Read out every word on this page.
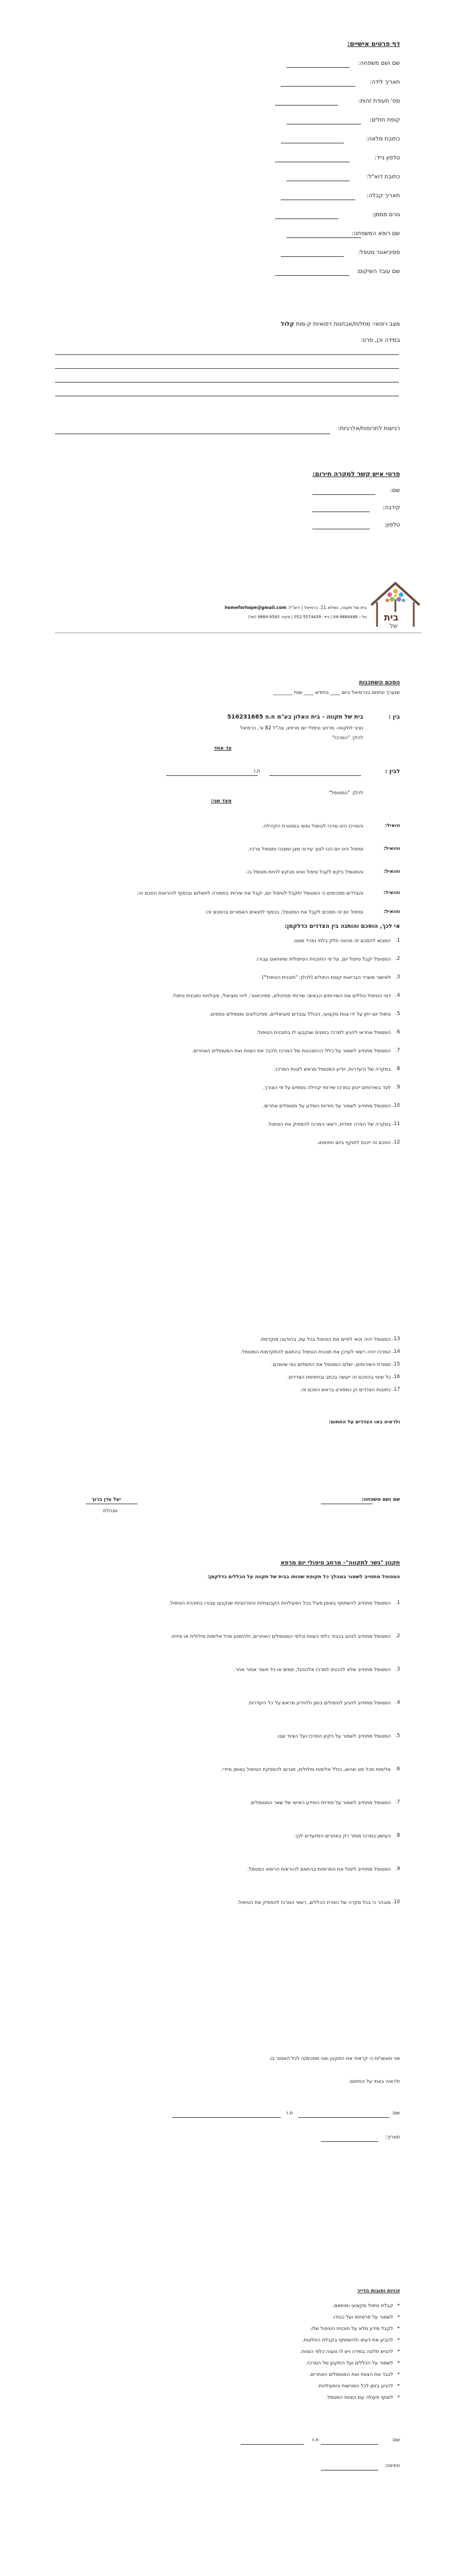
דף פרטים אישיים:
שם ושם משפחה:
תאריך לידה:
מס' תעודת זהות:
קופת חולים:
כתובת מלאה:
טלפון נייד:
כתובת דוא"ל:
תאריך קבלה:
גורם מממן:
שם רופא המשפחה:
פסיכיאטר מטפל:
שם עובד השיקום:
מצב רפואי: מחלות/אבחנות רפואיות ק-מות קלול
במידה וכן, פרט:
רגישות לתרופות/אלרגיות:
פרטי איש קשר למקרה חירום:
שם:
קירבה:
טלפון:
בית של תקווה, נופלא 11, כרמיאל | דוא"ל: homeforhope@gmail.com
טל׳: 04-9884488 | נייד: 052-5574439 | פקס: 9884-9583 (של) בית
של
הסכם השתכנות
שנערך ונחתם בכרמיאל ביום ____ בחודש ____ שנת ________
בין :
בית של תקווה - בית האלון בע"מ ח.פ 516231685
נציגי לתקווה- מרחב טיפולי יום מרפא, צה"ל 82 א', כרמיאל
להלן: "המרכז"
צד אחד
לבין :
ת.ז
להלן: "המטופל"
מצד שני:
הואיל:
והמרכז הינו מרכז לטיפול נפשי במסגרת הקהילה.
והואיל:
וטיפול הינו יום הכו לצוך עירוני מצן זמצנה ומטופל צרכיו.
והואיל:
והמטופל ביקש לקבל טיפול ואינו מבקש להיות מטופל בו.
והואיל:
והצדדים מסכימים כי המטופל יתקבל לטיפול יום, יקבל את שירותי בתמורה לתשלום ובכפוף להוראות הסכם זה.
והואיל:
וטיפול יום זה מסכים לקבל את המטופל, בכפוף לתנאים האמורים בהסכם זה:
אי לכך, הוסכם והותנה בין הצדדים כדלקמן:
1.
המבוא להסכם זה מהווה חלק בלתי נפרד ממנו.
2.
המטופל יקבל טיפול יום, על פי התוכנית הטיפולית שתותאם עבורו.
3.
לאישור משרד הבריאות קופת החולים (להלן: "תוכנית הטיפול").
4.
דמי הטיפול כוללים את השירותים הבאים: שירותי פסיכולוג, פסיכיאטר, ליווי סוציאלי, פעילויות ותוכנית טיפול.
5.
טיפול יום ייתן על ידי צוות מקצועי, הכולל עובדים סוציאליים, פסיכולוגים ומטפלים נוספים.
6.
המטופל אחראי להגיע למרכז בזמנים שנקבעו לו בתוכנית הטיפול.
7.
המטופל מתחייב לשמור על כללי ההתנהגות של המרכז ולכבד את הצוות ואת המטופלים האחרים.
8.
במקרה של היעדרות, יודיע המטופל מראש לצוות המרכז.
9.
לצד בשירותים יינתן במרכז שירותי קהילה נוספים על פי הצורך.
10.
המטופל מתחייב לשמור על סודיות המידע על מטופלים אחרים.
11.
במקרה של הפרה יסודית, רשאי המרכז להפסיק את הטיפול.
12.
הסכם זה ייכנס לתוקף ביום חתימתו.
13.
המטופל יהיה זכאי לסיים את הטיפול בכל עת, בהודעה מוקדמת.
14.
המרכז יהיה רשאי לעדכן את תוכנית הטיפול בהתאם להתקדמות המטופל.
15.
תמורת השירותים, ישלם המטופל את התשלום כפי שיוסכם.
16.
כל שינוי בהסכם זה ייעשה בכתב ובחתימת הצדדים.
17.
כתובות הצדדים הן כמפורט בראש הסכם זה.
ולראיה באו הצדדים על החתום:
שם ושם משפחה:
יעל עדן ברוך
מנהלת
תקנון "גשר לתקווה"- מרחב טיפולי יום מרפא
המטופל מתחייב לשמור במהלך כל תקופת שהותו בבית של תקווה על הכללים כדלקמן:
1.
המטופל מתחייב להשתתף באופן פעיל בכל הפעילויות הקבוצתיות והפרטניות שנקבעו עבורו בתוכנית הטיפול.
2.
המטופל מתחייב לנהוג בכבוד כלפי הצוות וכלפי המטופלים האחרים, ולהימנע מכל אלימות מילולית או פיזית.
3.
המטופל מתחייב שלא להכניס למרכז אלכוהול, סמים או כל חומר אסור אחר.
4.
המטופל מתחייב להגיע לטיפולים בזמן ולהודיע מראש על כל היעדרות.
5.
המטופל מתחייב לשמור על ניקיון המרכז ועל הציוד שבו.
6.
אלימות מכל סוג שהוא, כולל אלימות מילולית, תגרום להפסקת הטיפול באופן מיידי.
7.
המטופל מתחייב לשמור על סודיות המידע האישי של שאר המטופלים.
8.
העישון במרכז מותר רק באזורים המיועדים לכך.
9.
המטופל מתחייב ליטול את התרופות בהתאם להוראות הרופא המטפל.
10.
מובהר כי בכל מקרה של הפרת הכללים, רשאי המרכז להפסיק את הטיפול.
אני מאשר/ת כי קראתי את התקנון ואני מסכים/ה לכל האמור בו.
ולראיה באתי על החתום:
שם:
ת.ז
תאריך:
זכויות וחובות הדייר
•
קבלת טיפול מקצועי ומותאם.
•
לשמור על פרטיותו ועל כבודו.
•
לקבל מידע מלא על תוכנית הטיפול שלו.
•
להביע את דעתו ולהשתתף בקבלת החלטות.
•
להגיש תלונה במידה ויש לו טענה כלפי הצוות.
•
לשמור על הכללים ועל התקנון של המרכז.
•
לכבד את הצוות ואת המטופלים האחרים.
•
להגיע בזמן לכל הפגישות והפעילויות.
•
לשתף פעולה עם הצוות המטפל.
שם:
ת.ז
חתימה:
